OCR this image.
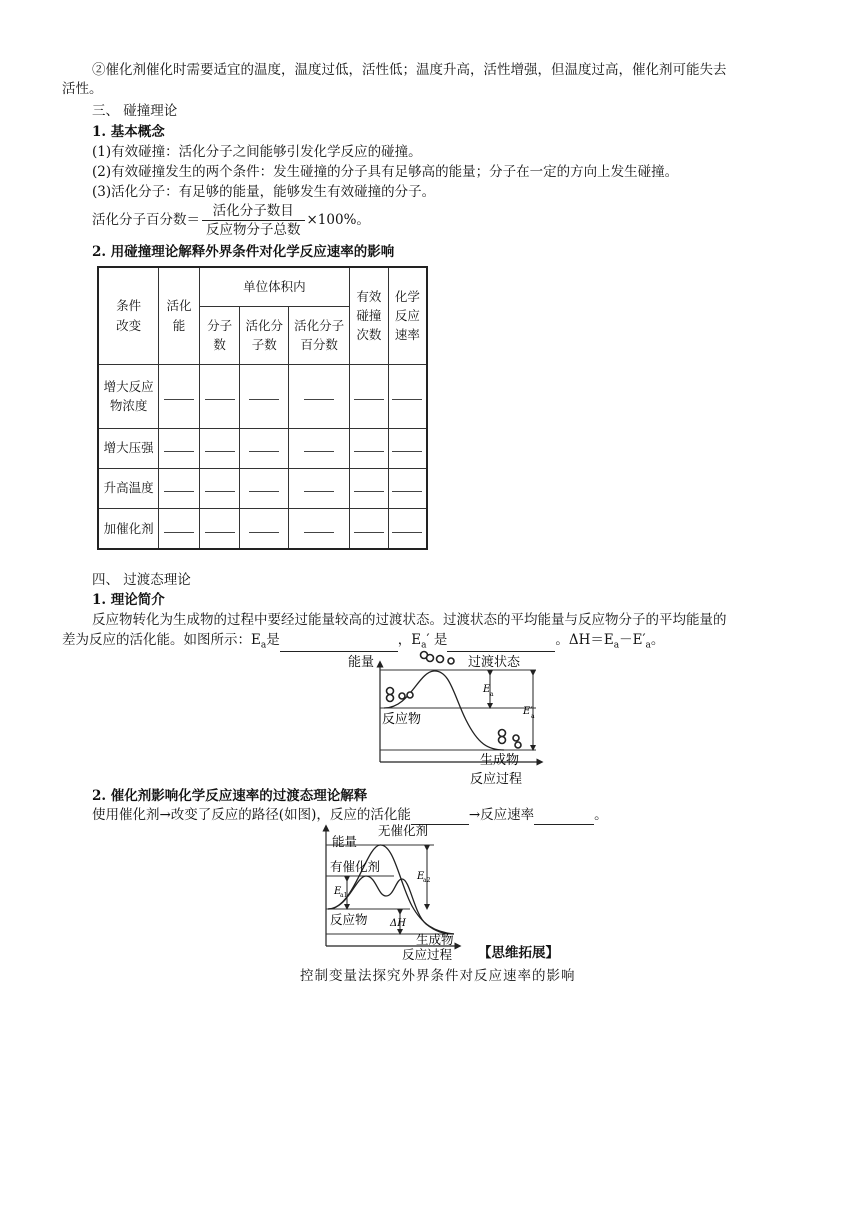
②催化剂催化时需要适宜的温度，温度过低，活性低；温度升高，活性增强，但温度过高，催化剂可能失去
活性。
三、 碰撞理论
1. 基本概念
(1)有效碰撞：活化分子之间能够引发化学反应的碰撞。
(2)有效碰撞发生的两个条件：发生碰撞的分子具有足够高的能量；分子在一定的方向上发生碰撞。
(3)活化分子：有足够的能量，能够发生有效碰撞的分子。
活化分子百分数＝ $\frac{\text{活化分子数目}}{\text{反应物分子总数}} \times 100\%$。
2. 用碰撞理论解释外界条件对化学反应速率的影响
条件改变	活化能	单位体积内			有效碰撞次数	化学反应速率
		分子数	活化分子数	活化分子百分数		
增大反应物浓度						
增大压强						
升高温度						
加催化剂						
四、 过渡态理论
1. 理论简介
反应物转化为生成物的过程中要经过能量较高的过渡状态。过渡状态的平均能量与反应物分子的平均能量的
差为反应的活化能。如图所示：$E_a$是	，$E_a'$ 是	。$\Delta H=E_a-E'_a$。
能量	过渡状态
反应物
生成物
反应过程
E a
E′
a
2. 催化剂影响化学反应速率的过渡态理论解释
使用催化剂→改变了反应的路径(如图)，反应的活化能	→反应速率	。
能量
无催化剂
有催化剂
E
a1
E
a2
反应物 ΔH
生成物
反应过程 【思维拓展】
控制变量法探究外界条件对反应速率的影响
